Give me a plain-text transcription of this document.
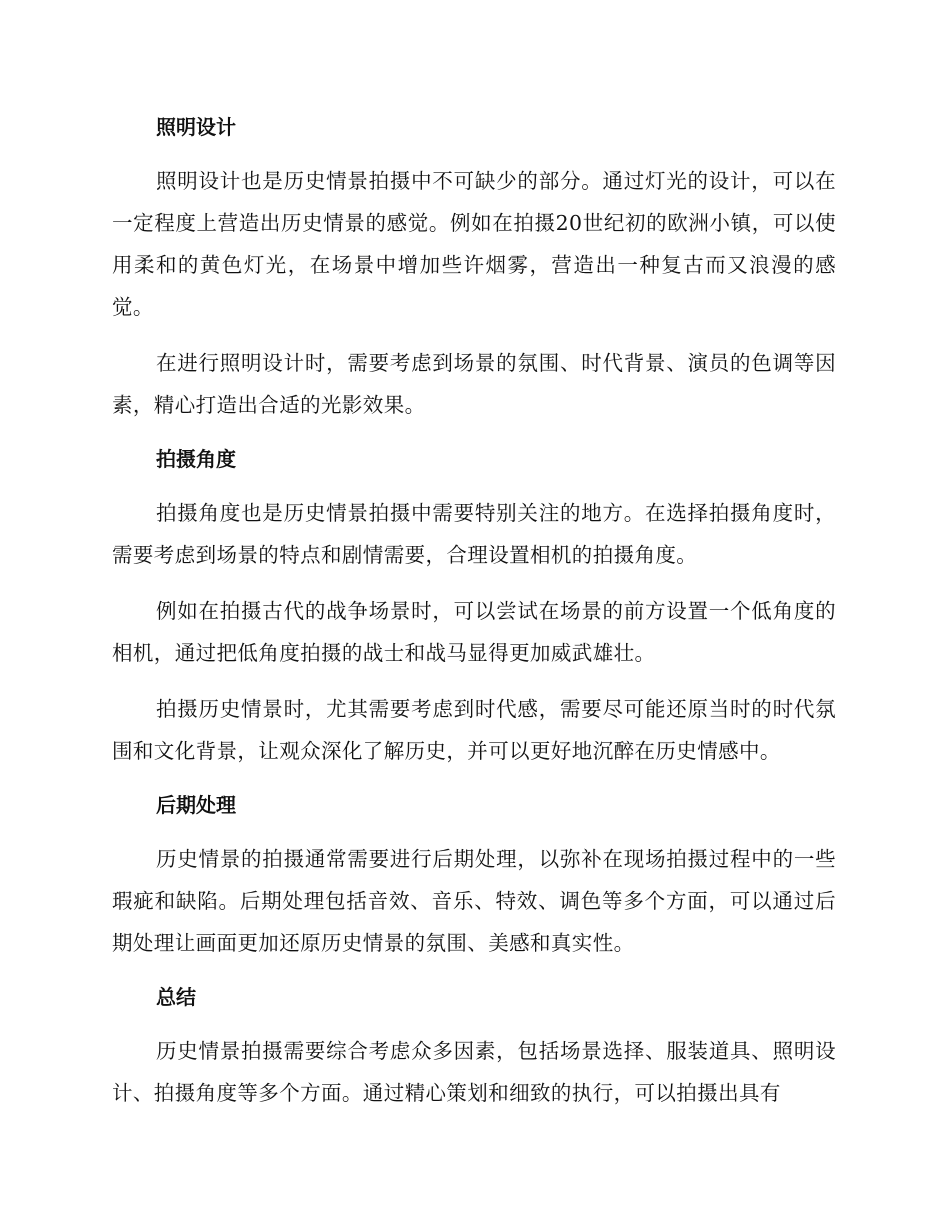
照明设计

照明设计也是历史情景拍摄中不可缺少的部分。通过灯光的设计，可以在一定程度上营造出历史情景的感觉。例如在拍摄20世纪初的欧洲小镇，可以使用柔和的黄色灯光，在场景中增加些许烟雾，营造出一种复古而又浪漫的感觉。

在进行照明设计时，需要考虑到场景的氛围、时代背景、演员的色调等因素，精心打造出合适的光影效果。

拍摄角度

拍摄角度也是历史情景拍摄中需要特别关注的地方。在选择拍摄角度时，需要考虑到场景的特点和剧情需要，合理设置相机的拍摄角度。

例如在拍摄古代的战争场景时，可以尝试在场景的前方设置一个低角度的相机，通过把低角度拍摄的战士和战马显得更加威武雄壮。

拍摄历史情景时，尤其需要考虑到时代感，需要尽可能还原当时的时代氛围和文化背景，让观众深化了解历史，并可以更好地沉醉在历史情感中。

后期处理

历史情景的拍摄通常需要进行后期处理，以弥补在现场拍摄过程中的一些瑕疵和缺陷。后期处理包括音效、音乐、特效、调色等多个方面，可以通过后期处理让画面更加还原历史情景的氛围、美感和真实性。

总结

历史情景拍摄需要综合考虑众多因素，包括场景选择、服装道具、照明设计、拍摄角度等多个方面。通过精心策划和细致的执行，可以拍摄出具有
